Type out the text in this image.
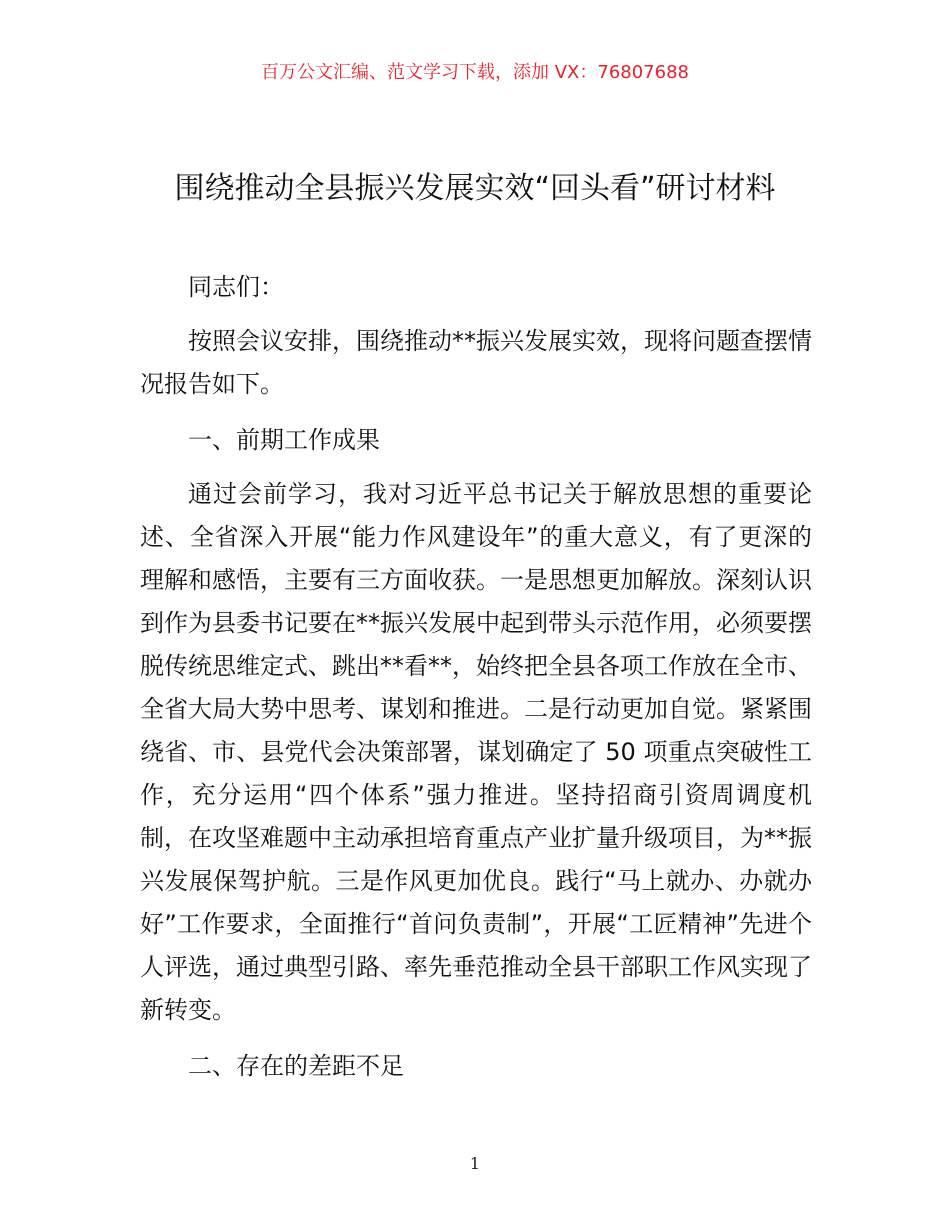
百万公文汇编、范文学习下载，添加 VX：76807688
围绕推动全县振兴发展实效“回头看”研讨材料

同志们：

按照会议安排，围绕推动**振兴发展实效，现将问题查摆情况报告如下。

一、前期工作成果

通过会前学习，我对习近平总书记关于解放思想的重要论述、全省深入开展“能力作风建设年”的重大意义，有了更深的理解和感悟，主要有三方面收获。一是思想更加解放。深刻认识到作为县委书记要在**振兴发展中起到带头示范作用，必须要摆脱传统思维定式、跳出**看**，始终把全县各项工作放在全市、全省大局大势中思考、谋划和推进。二是行动更加自觉。紧紧围绕省、市、县党代会决策部署，谋划确定了 50 项重点突破性工作，充分运用“四个体系”强力推进。坚持招商引资周调度机制，在攻坚难题中主动承担培育重点产业扩量升级项目，为**振兴发展保驾护航。三是作风更加优良。践行“马上就办、办就办好”工作要求，全面推行“首问负责制”，开展“工匠精神”先进个人评选，通过典型引路、率先垂范推动全县干部职工作风实现了新转变。

二、存在的差距不足

1
